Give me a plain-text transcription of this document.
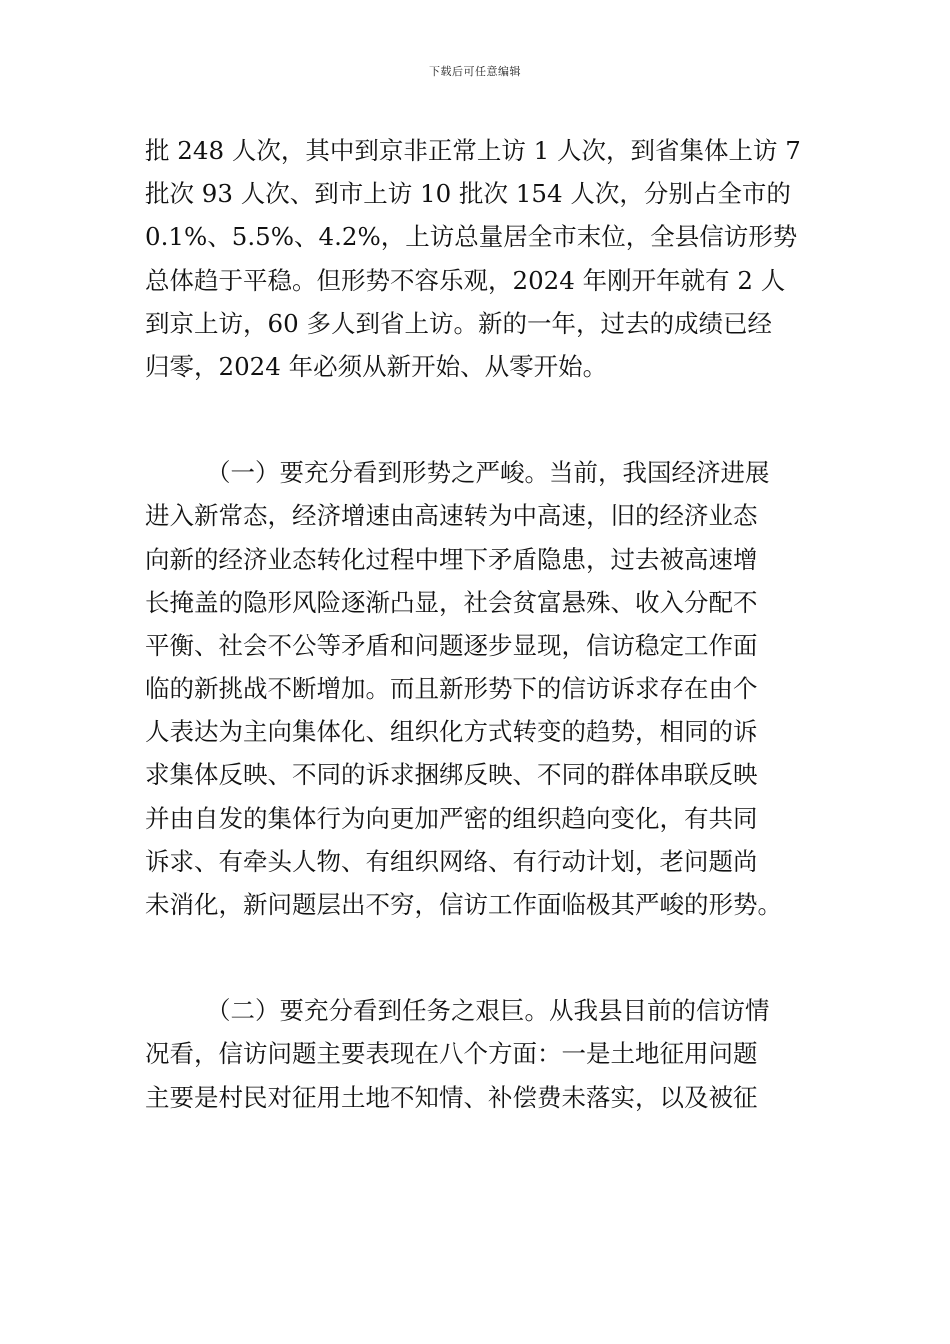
下载后可任意编辑
批 248 人次，其中到京非正常上访 1 人次，到省集体上访 7
批次 93 人次、到市上访 10 批次 154 人次，分别占全市的
0.1%、5.5%、4.2%，上访总量居全市末位，全县信访形势
总体趋于平稳。但形势不容乐观，2024 年刚开年就有 2 人
到京上访，60 多人到省上访。新的一年，过去的成绩已经
归零，2024 年必须从新开始、从零开始。
（一）要充分看到形势之严峻。当前，我国经济进展
进入新常态，经济增速由高速转为中高速，旧的经济业态
向新的经济业态转化过程中埋下矛盾隐患，过去被高速增
长掩盖的隐形风险逐渐凸显，社会贫富悬殊、收入分配不
平衡、社会不公等矛盾和问题逐步显现，信访稳定工作面
临的新挑战不断增加。而且新形势下的信访诉求存在由个
人表达为主向集体化、组织化方式转变的趋势，相同的诉
求集体反映、不同的诉求捆绑反映、不同的群体串联反映
并由自发的集体行为向更加严密的组织趋向变化，有共同
诉求、有牵头人物、有组织网络、有行动计划，老问题尚
未消化，新问题层出不穷，信访工作面临极其严峻的形势。
（二）要充分看到任务之艰巨。从我县目前的信访情
况看，信访问题主要表现在八个方面：一是土地征用问题
主要是村民对征用土地不知情、补偿费未落实，以及被征
